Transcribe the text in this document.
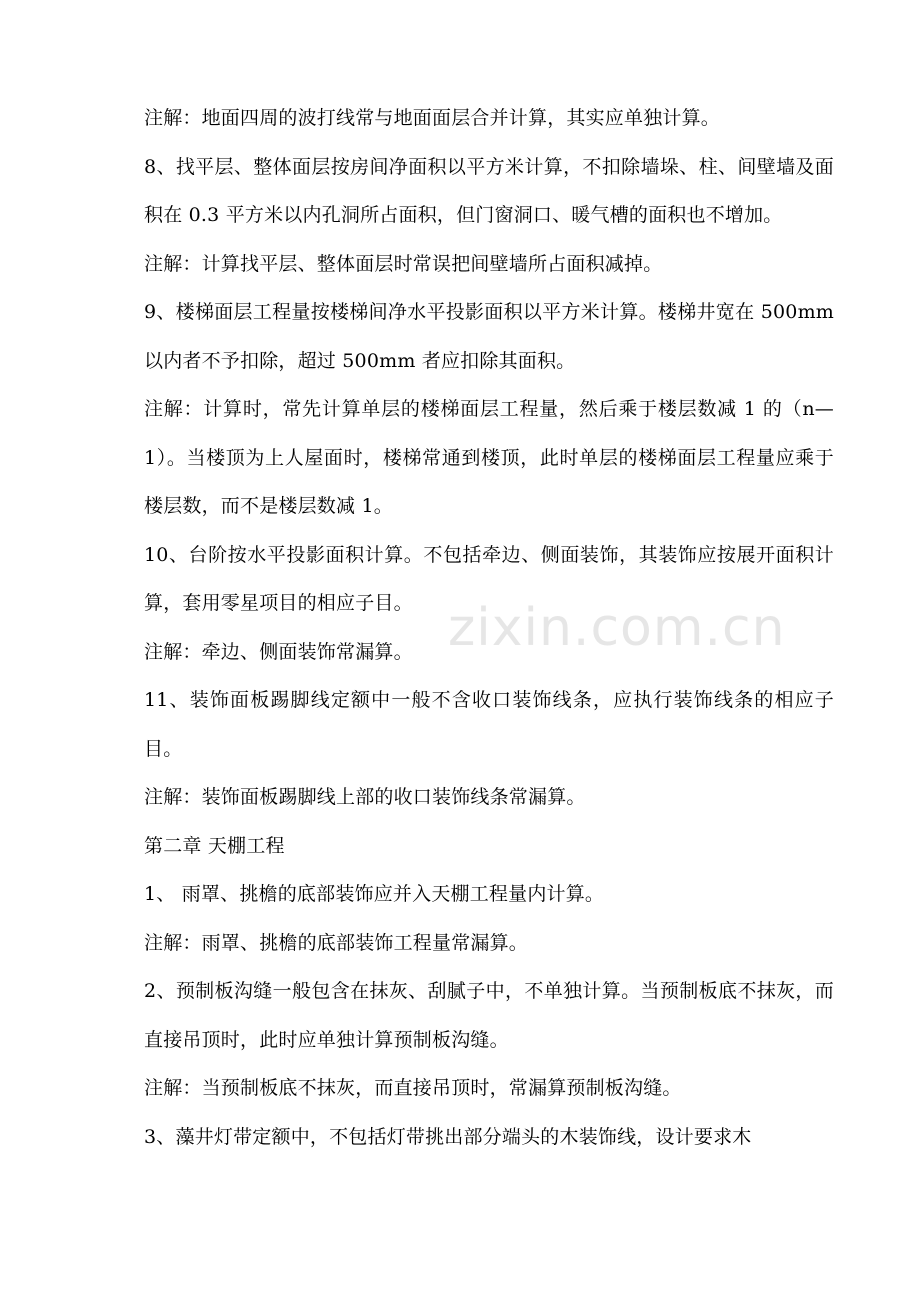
zixin.com.cn

注解：地面四周的波打线常与地面面层合并计算，其实应单独计算。

8、找平层、整体面层按房间净面积以平方米计算，不扣除墙垛、柱、间壁墙及面积在 0.3 平方米以内孔洞所占面积，但门窗洞口、暖气槽的面积也不增加。

注解：计算找平层、整体面层时常误把间壁墙所占面积减掉。

9、楼梯面层工程量按楼梯间净水平投影面积以平方米计算。楼梯井宽在 500mm 以内者不予扣除，超过 500mm 者应扣除其面积。

注解：计算时，常先计算单层的楼梯面层工程量，然后乘于楼层数减 1 的（n—1）。当楼顶为上人屋面时，楼梯常通到楼顶，此时单层的楼梯面层工程量应乘于楼层数，而不是楼层数减 1。

10、台阶按水平投影面积计算。不包括牵边、侧面装饰，其装饰应按展开面积计算，套用零星项目的相应子目。

注解：牵边、侧面装饰常漏算。

11、装饰面板踢脚线定额中一般不含收口装饰线条，应执行装饰线条的相应子目。

注解：装饰面板踢脚线上部的收口装饰线条常漏算。

第二章 天棚工程

1、 雨罩、挑檐的底部装饰应并入天棚工程量内计算。

注解：雨罩、挑檐的底部装饰工程量常漏算。

2、预制板沟缝一般包含在抹灰、刮腻子中，不单独计算。当预制板底不抹灰，而直接吊顶时，此时应单独计算预制板沟缝。

注解：当预制板底不抹灰，而直接吊顶时，常漏算预制板沟缝。

3、藻井灯带定额中，不包括灯带挑出部分端头的木装饰线，设计要求木
